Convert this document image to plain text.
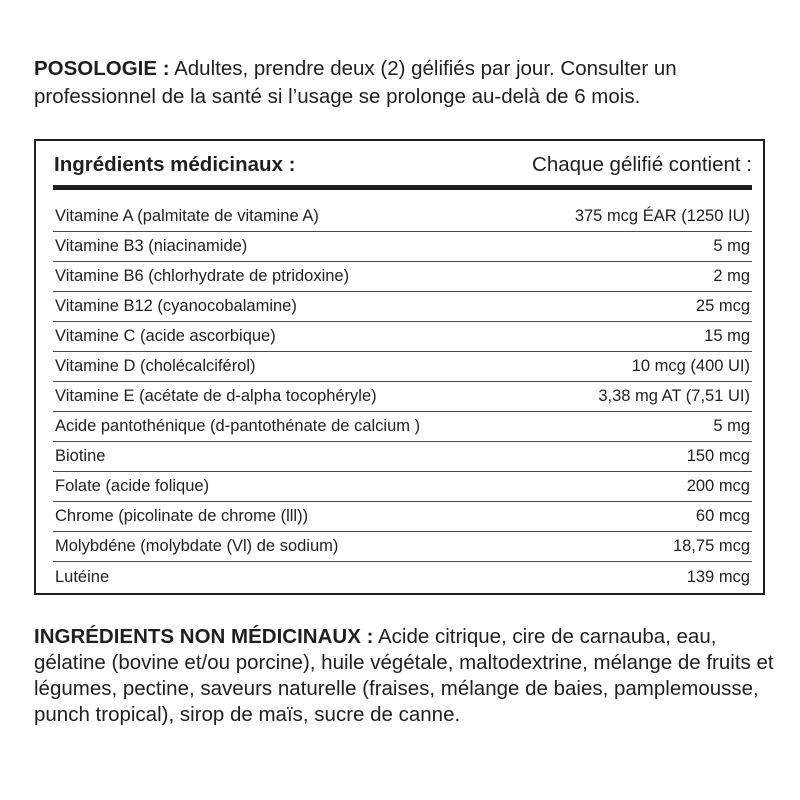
POSOLOGIE : Adultes, prendre deux (2) gélifiés par jour. Consulter un professionnel de la santé si l’usage se prolonge au-delà de 6 mois.

Ingrédients médicinaux :	Chaque gélifié contient :
Vitamine A (palmitate de vitamine A)	375 mcg ÉAR (1250 IU)
Vitamine B3 (niacinamide)	5 mg
Vitamine B6 (chlorhydrate de ptridoxine)	2 mg
Vitamine B12 (cyanocobalamine)	25 mcg
Vitamine C (acide ascorbique)	15 mg
Vitamine D (cholécalciférol)	10 mcg (400 UI)
Vitamine E (acétate de d-alpha tocophéryle)	3,38 mg AT (7,51 UI)
Acide pantothénique (d-pantothénate de calcium )	5 mg
Biotine	150 mcg
Folate (acide folique)	200 mcg
Chrome (picolinate de chrome (lll))	60 mcg
Molybdéne (molybdate (Vl) de sodium)	18,75 mcg
Lutéine	139 mcg

INGRÉDIENTS NON MÉDICINAUX : Acide citrique, cire de carnauba, eau, gélatine (bovine et/ou porcine), huile végétale, maltodextrine, mélange de fruits et légumes, pectine, saveurs naturelle (fraises, mélange de baies, pamplemousse, punch tropical), sirop de maïs, sucre de canne.
